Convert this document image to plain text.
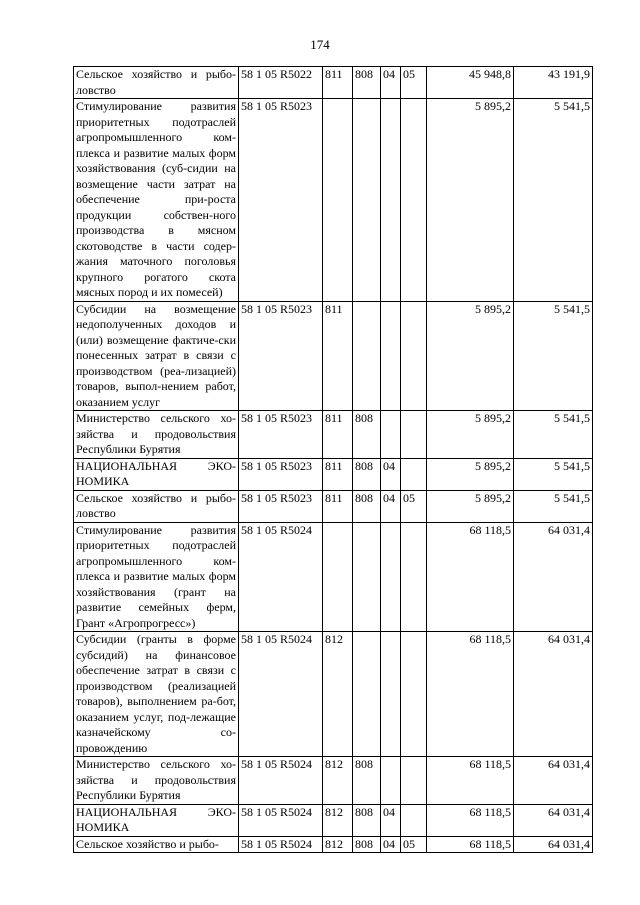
174
Сельское хозяйство и рыбо-ловство	58 1 05 R5022	811	808	04	05	45 948,8	43 191,9
Стимулирование развития приоритетных подотраслей агропромышленного ком-плекса и развитие малых форм хозяйствования (суб-сидии на возмещение части затрат на обеспечение при-роста продукции собствен-ного производства в мясном скотоводстве в части содер-жания маточного поголовья крупного рогатого скота мясных пород и их помесей)	58 1 05 R5023					5 895,2	5 541,5
Субсидии на возмещение недополученных доходов и (или) возмещение фактиче-ски понесенных затрат в связи с производством (реа-лизацией) товаров, выпол-нением работ, оказанием услуг	58 1 05 R5023	811				5 895,2	5 541,5
Министерство сельского хо-зяйства и продовольствия Республики Бурятия	58 1 05 R5023	811	808			5 895,2	5 541,5
НАЦИОНАЛЬНАЯ ЭКО-НОМИКА	58 1 05 R5023	811	808	04		5 895,2	5 541,5
Сельское хозяйство и рыбо-ловство	58 1 05 R5023	811	808	04	05	5 895,2	5 541,5
Стимулирование развития приоритетных подотраслей агропромышленного ком-плекса и развитие малых форм хозяйствования (грант на развитие семейных ферм, Грант «Агропрогресс»)	58 1 05 R5024					68 118,5	64 031,4
Субсидии (гранты в форме субсидий) на финансовое обеспечение затрат в связи с производством (реализацией товаров), выполнением ра-бот, оказанием услуг, под-лежащие казначейскому со-провождению	58 1 05 R5024	812				68 118,5	64 031,4
Министерство сельского хо-зяйства и продовольствия Республики Бурятия	58 1 05 R5024	812	808			68 118,5	64 031,4
НАЦИОНАЛЬНАЯ ЭКО-НОМИКА	58 1 05 R5024	812	808	04		68 118,5	64 031,4
Сельское хозяйство и рыбо-	58 1 05 R5024	812	808	04	05	68 118,5	64 031,4
